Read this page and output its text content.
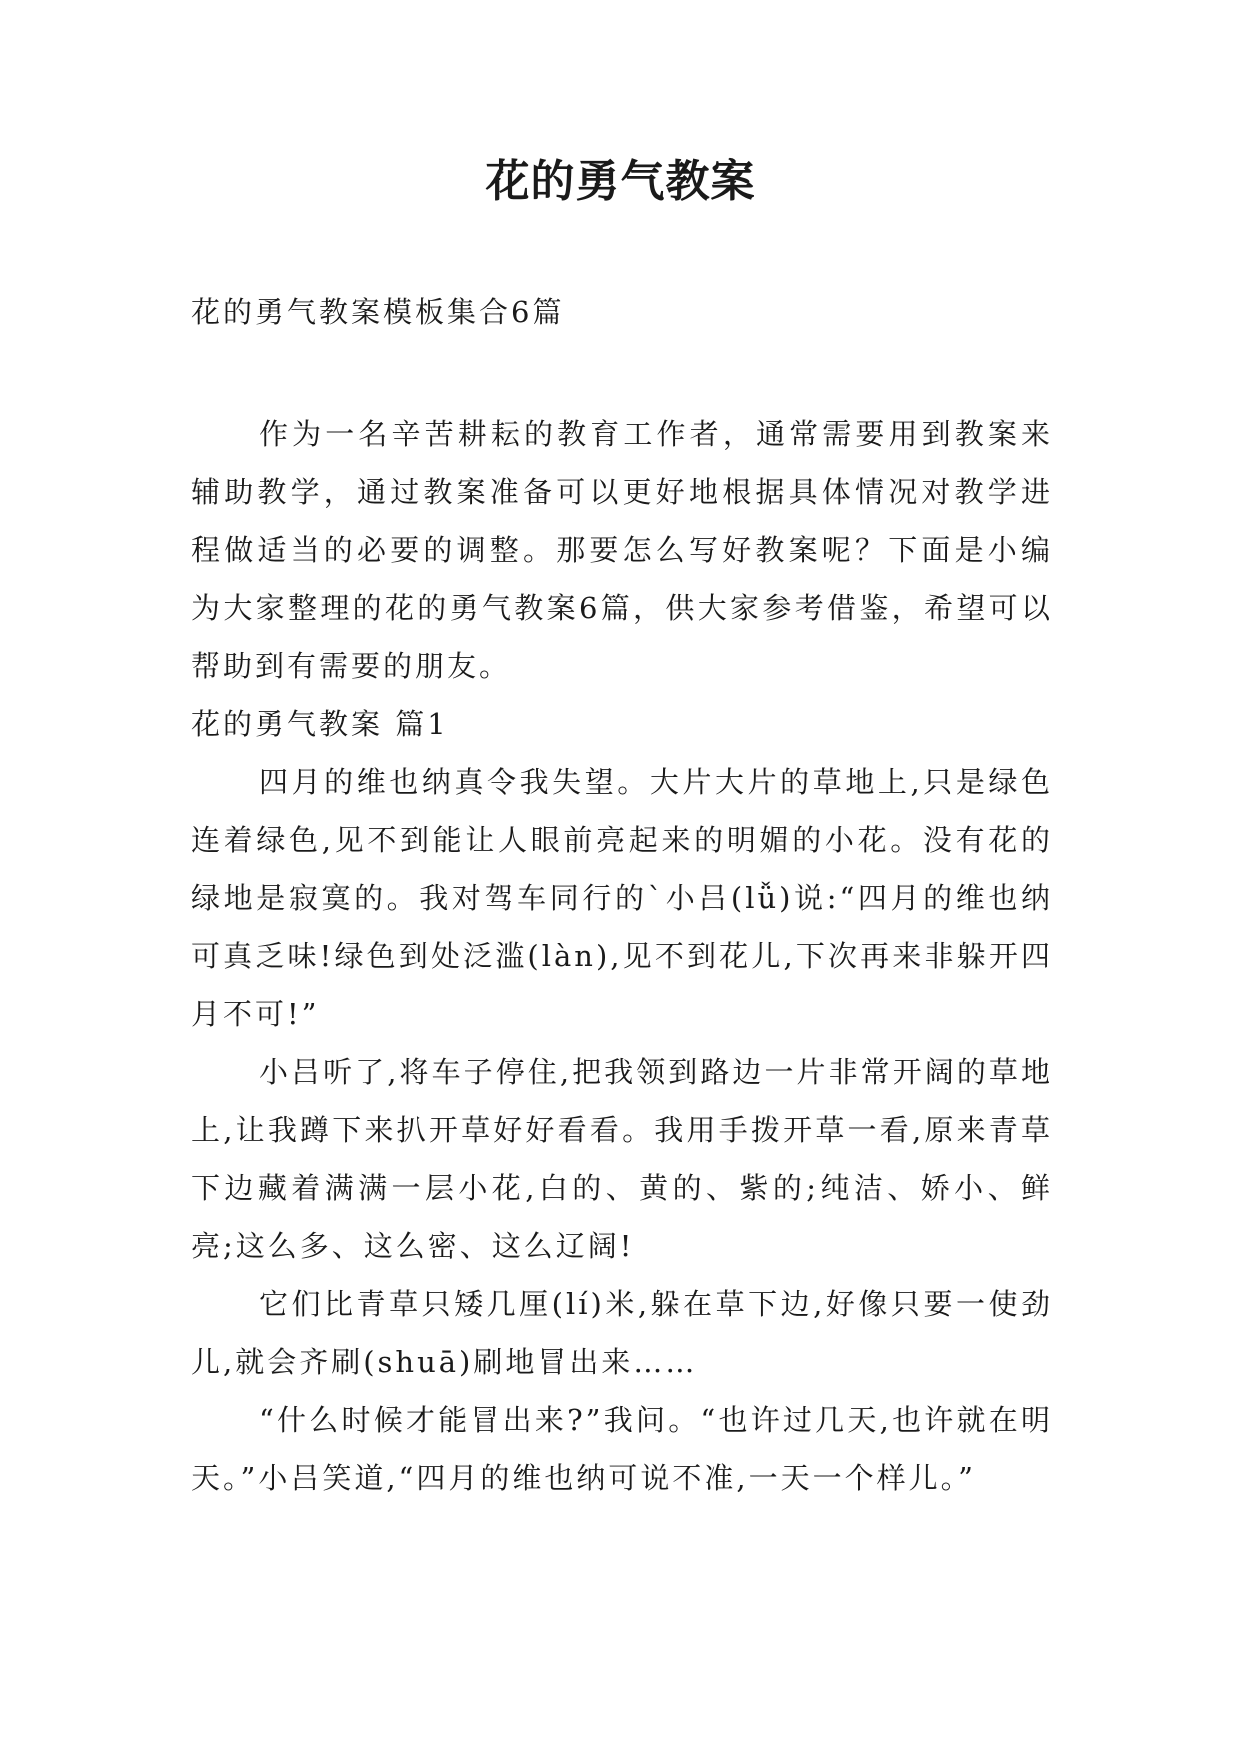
花的勇气教案

花的勇气教案模板集合6篇

作为一名辛苦耕耘的教育工作者，通常需要用到教案来辅助教学，通过教案准备可以更好地根据具体情况对教学进程做适当的必要的调整。那要怎么写好教案呢？下面是小编为大家整理的花的勇气教案6篇，供大家参考借鉴，希望可以帮助到有需要的朋友。

花的勇气教案 篇1

四月的维也纳真令我失望。大片大片的草地上,只是绿色连着绿色,见不到能让人眼前亮起来的明媚的小花。没有花的绿地是寂寞的。我对驾车同行的`小吕(lǚ)说:“四月的维也纳可真乏味!绿色到处泛滥(làn),见不到花儿,下次再来非躲开四月不可!”

小吕听了,将车子停住,把我领到路边一片非常开阔的草地上,让我蹲下来扒开草好好看看。我用手拨开草一看,原来青草下边藏着满满一层小花,白的、黄的、紫的;纯洁、娇小、鲜亮;这么多、这么密、这么辽阔!

它们比青草只矮几厘(lí)米,躲在草下边,好像只要一使劲儿,就会齐刷(shuā)刷地冒出来……

“什么时候才能冒出来?”我问。“也许过几天,也许就在明天。”小吕笑道,“四月的维也纳可说不准,一天一个样儿。”
